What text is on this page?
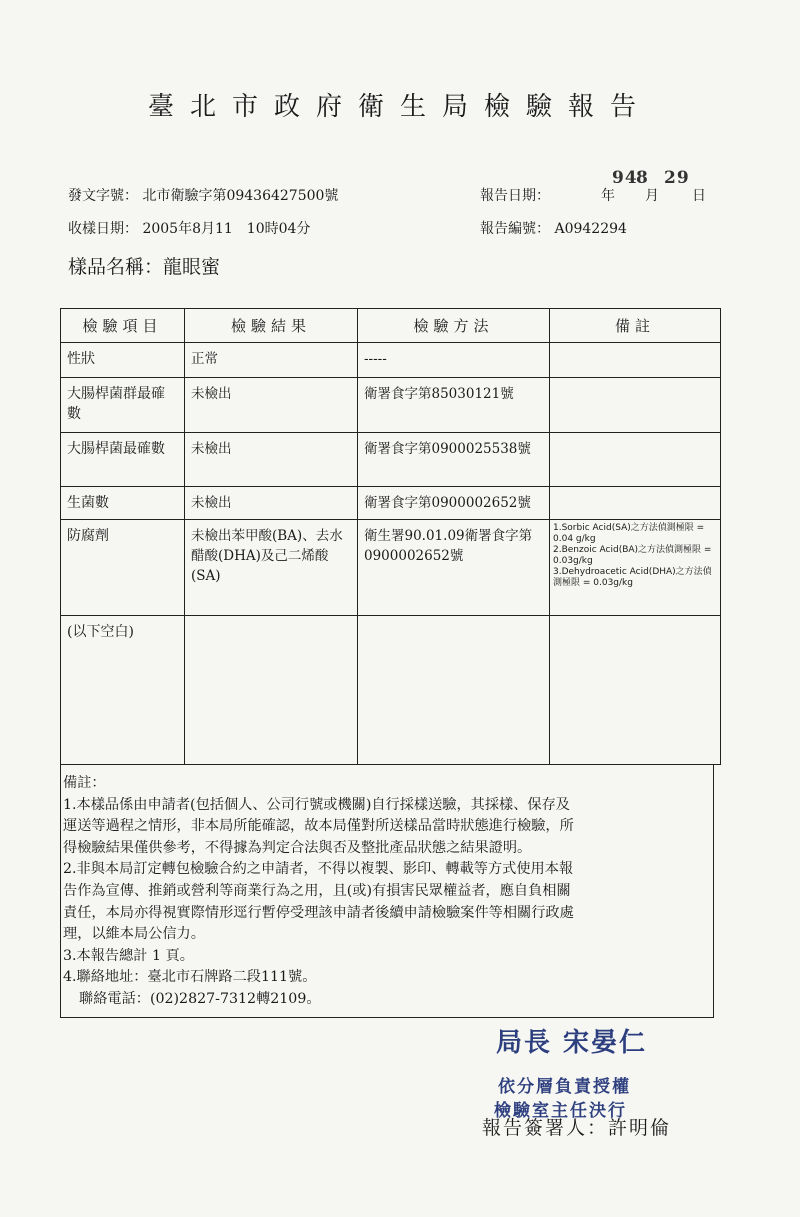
臺北市政府衛生局檢驗報告
發文字號： 北市衛驗字第09436427500號	報告日期：
94
年
8
月
29
日
收樣日期： 2005年8月11　10時04分	報告編號： A0942294
樣品名稱：龍眼蜜
檢驗項目	檢驗結果	檢驗方法	備註
性狀	正常	-----	
大腸桿菌群最確數	未檢出	衛署食字第85030121號	
大腸桿菌最確數	未檢出	衛署食字第0900025538號	
生菌數	未檢出	衛署食字第0900002652號	
防腐劑	未檢出苯甲酸(BA)、去水醋酸(DHA)及己二烯酸(SA)	衛生署90.01.09衛署食字第0900002652號	1.Sorbic Acid(SA)之方法偵測極限 = 0.04 g/kg
2.Benzoic Acid(BA)之方法偵測極限 = 0.03g/kg
3.Dehydroacetic Acid(DHA)之方法偵測極限 = 0.03g/kg

(以下空白)			
備註：
1.本樣品係由申請者(包括個人、公司行號或機關)自行採樣送驗，其採樣、保存及
運送等過程之情形，非本局所能確認，故本局僅對所送樣品當時狀態進行檢驗，所
得檢驗結果僅供參考，不得據為判定合法與否及整批產品狀態之結果證明。
2.非與本局訂定轉包檢驗合約之申請者，不得以複製、影印、轉載等方式使用本報
告作為宣傳、推銷或營利等商業行為之用，且(或)有損害民眾權益者，應自負相關
責任，本局亦得視實際情形逕行暫停受理該申請者後續申請檢驗案件等相關行政處
理，以維本局公信力。
3.本報告總計 1 頁。
4.聯絡地址：臺北市石牌路二段111號。
聯絡電話：(02)2827-7312轉2109。
局長 宋晏仁
依分層負責授權
檢驗室主任決行
報告簽署人：許明倫
